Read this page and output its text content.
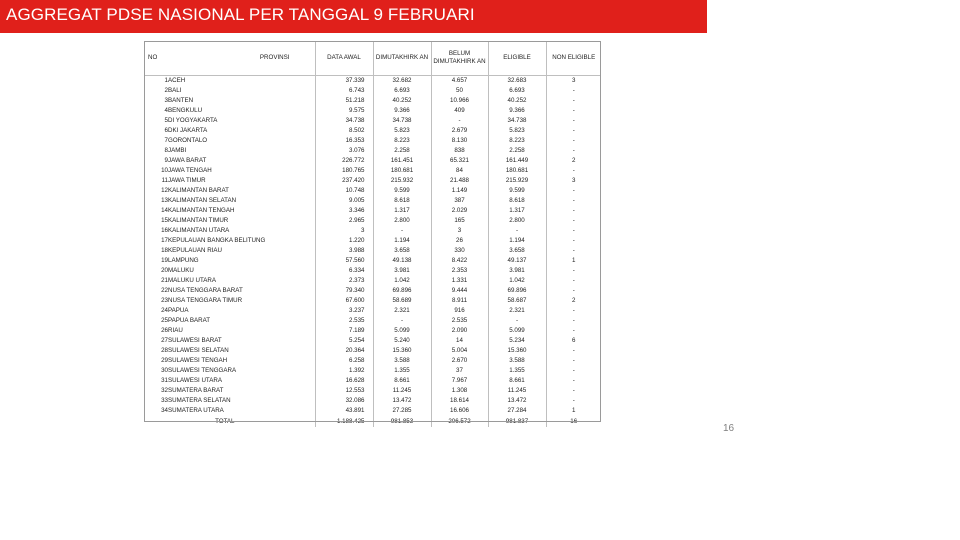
AGGREGAT PDSE NASIONAL PER TANGGAL 9 FEBRUARI
NO	PROVINSI	DATA AWAL	DIMUTAKHIRK AN	BELUM DIMUTAKHIRK AN	ELIGIBLE	NON ELIGIBLE
1	ACEH	37.339	32.682	4.657	32.683	3
2	BALI	6.743	6.693	50	6.693	-
3	BANTEN	51.218	40.252	10.966	40.252	-
4	BENGKULU	9.575	9.366	409	9.366	-
5	DI YOGYAKARTA	34.738	34.738	-	34.738	-
6	DKI JAKARTA	8.502	5.823	2.679	5.823	-
7	GORONTALO	16.353	8.223	8.130	8.223	-
8	JAMBI	3.076	2.258	838	2.258	-
9	JAWA BARAT	226.772	161.451	65.321	161.449	2
10	JAWA TENGAH	180.765	180.681	84	180.681	-
11	JAWA TIMUR	237.420	215.932	21.488	215.929	3
12	KALIMANTAN BARAT	10.748	9.599	1.149	9.599	-
13	KALIMANTAN SELATAN	9.005	8.618	387	8.618	-
14	KALIMANTAN TENGAH	3.346	1.317	2.029	1.317	-
15	KALIMANTAN TIMUR	2.965	2.800	165	2.800	-
16	KALIMANTAN UTARA	3	-	3	-	-
17	KEPULAUAN BANGKA BELITUNG	1.220	1.194	26	1.194	-
18	KEPULAUAN RIAU	3.988	3.658	330	3.658	-
19	LAMPUNG	57.560	49.138	8.422	49.137	1
20	MALUKU	6.334	3.981	2.353	3.981	-
21	MALUKU UTARA	2.373	1.042	1.331	1.042	-
22	NUSA TENGGARA BARAT	79.340	69.896	9.444	69.896	-
23	NUSA TENGGARA TIMUR	67.600	58.689	8.911	58.687	2
24	PAPUA	3.237	2.321	916	2.321	-
25	PAPUA BARAT	2.535	-	2.535	-	-
26	RIAU	7.189	5.099	2.090	5.099	-
27	SULAWESI BARAT	5.254	5.240	14	5.234	6
28	SULAWESI SELATAN	20.364	15.360	5.004	15.360	-
29	SULAWESI TENGAH	6.258	3.588	2.670	3.588	-
30	SULAWESI TENGGARA	1.392	1.355	37	1.355	-
31	SULAWESI UTARA	16.628	8.661	7.967	8.661	-
32	SUMATERA BARAT	12.553	11.245	1.308	11.245	-
33	SUMATERA SELATAN	32.086	13.472	18.614	13.472	-
34	SUMATERA UTARA	43.891	27.285	16.606	27.284	1
	TOTAL	1.188.425	981.853	206.572	981.837	16
16
